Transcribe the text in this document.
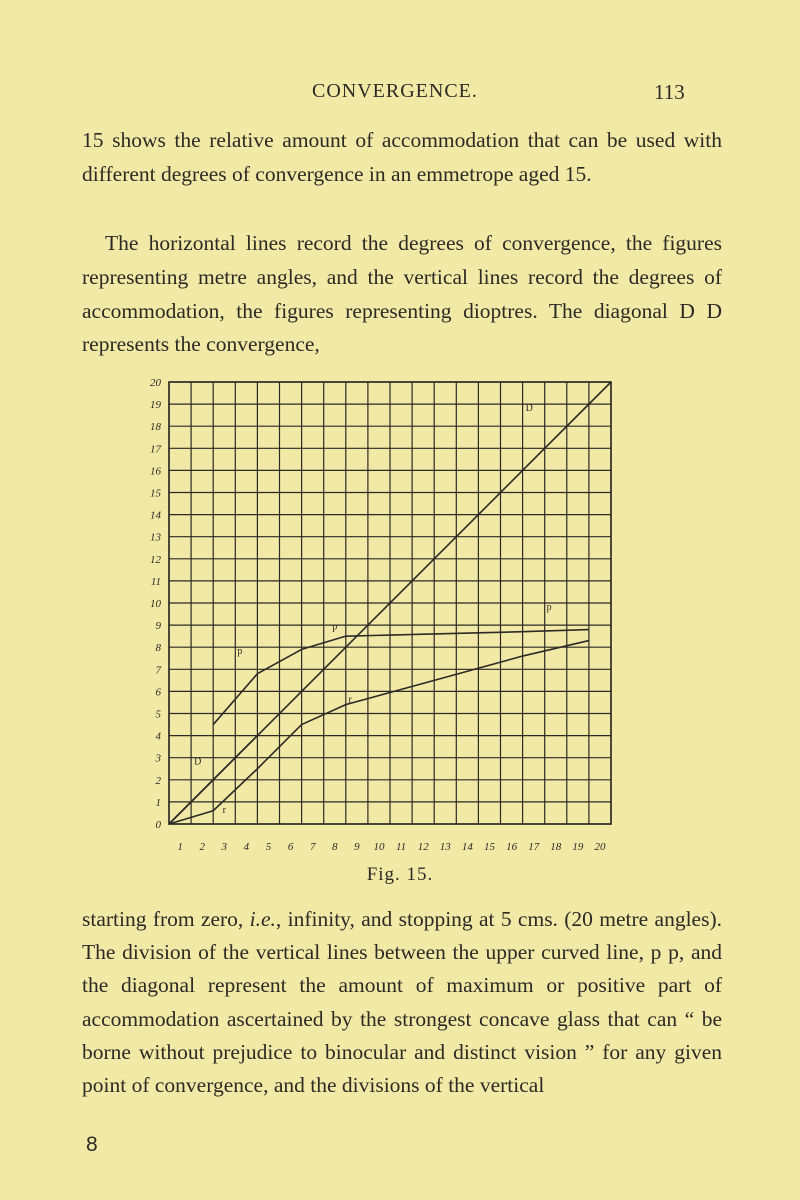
CONVERGENCE.	113

15 shows the relative amount of accommodation that can be used with different degrees of convergence in an emmetrope aged 15.

The horizontal lines record the degrees of convergence, the figures representing metre angles, and the vertical lines record the degrees of accommodation, the figures representing dioptres. The diagonal D D represents the convergence,

D
D
p
p
p
r
r
0
1
2
3
4
5
6
7
8
9
10
11
12
13
14
15
16
17
18
19
20
1 2 3 4 5 6 7 8 9 10 11 12 13 14 15 16 17 18 19 20
Fig. 15.

starting from zero, i.e., infinity, and stopping at 5 cms. (20 metre angles). The division of the vertical lines between the upper curved line, p p, and the diagonal represent the amount of maximum or positive part of accommodation ascertained by the strongest concave glass that can “ be borne without prejudice to binocular and distinct vision ” for any given point of convergence, and the divisions of the vertical

8
